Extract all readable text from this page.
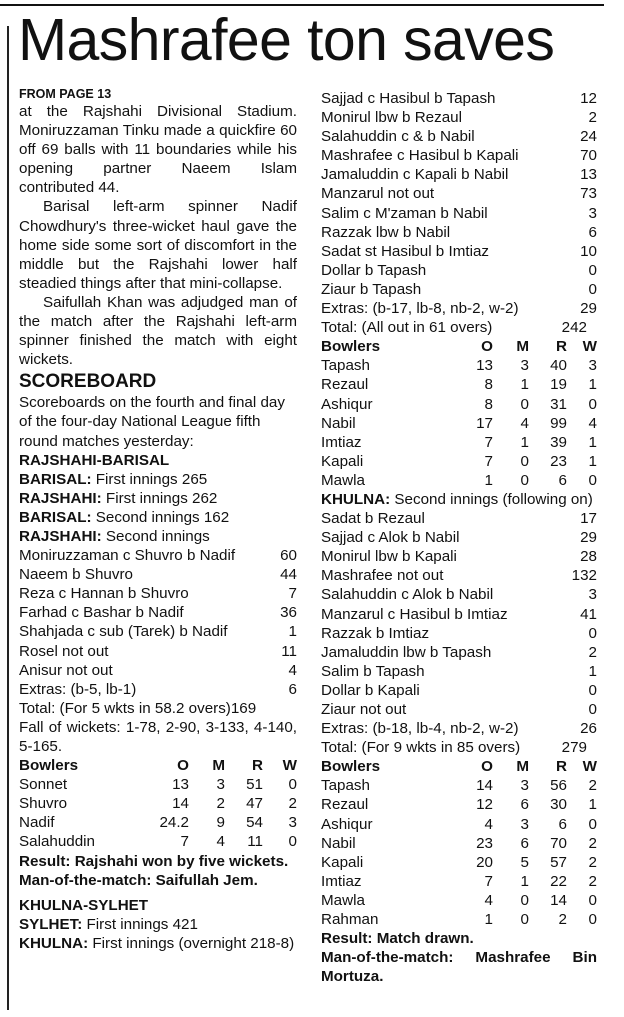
Mashrafee ton saves
FROM PAGE 13

at the Rajshahi Divisional Stadium. Moniruzzaman Tinku made a quickfire 60 off 69 balls with 11 boundaries while his opening partner Naeem Islam contributed 44.

Barisal left-arm spinner Nadif Chowdhury's three-wicket haul gave the home side some sort of discomfort in the middle but the Rajshahi lower half steadied things after that mini-collapse.

Saifullah Khan was adjudged man of the match after the Rajshahi left-arm spinner finished the match with eight wickets.

SCOREBOARD
Scoreboards on the fourth and final day of the four-day National League fifth round matches yesterday:
RAJSHAHI-BARISAL
BARISAL: First innings 265
RAJSHAHI: First innings 262
BARISAL: Second innings 162
RAJSHAHI: Second innings
Moniruzzaman c Shuvro b Nadif	60
Naeem b Shuvro	44
Reza c Hannan b Shuvro	7
Farhad c Bashar b Nadif	36
Shahjada c sub (Tarek) b Nadif	1
Rosel not out	11
Anisur not out	4
Extras: (b-5, lb-1)	6
Total: (For 5 wkts in 58.2 overs)169
Fall of wickets: 1-78, 2-90, 3-133, 4-140, 5-165.
Bowlers	O	M	R	W
Sonnet	13	3	51	0
Shuvro	14	2	47	2
Nadif	24.2	9	54	3
Salahuddin	7	4	11	0
Result: Rajshahi won by five wickets.
Man-of-the-match: Saifullah Jem.
KHULNA-SYLHET
SYLHET: First innings 421
KHULNA: First innings (overnight 218-8)
Sajjad c Hasibul b Tapash	12
Monirul lbw b Rezaul	2
Salahuddin c & b Nabil	24
Mashrafee c Hasibul b Kapali	70
Jamaluddin c Kapali b Nabil	13
Manzarul not out	73
Salim c M'zaman b Nabil	3
Razzak lbw b Nabil	6
Sadat st Hasibul b Imtiaz	10
Dollar b Tapash	0
Ziaur b Tapash	0
Extras: (b-17, lb-8, nb-2, w-2)	29
Total: (All out in 61 overs)	242
Bowlers	O	M	R	W
Tapash	13	3	40	3
Rezaul	8	1	19	1
Ashiqur	8	0	31	0
Nabil	17	4	99	4
Imtiaz	7	1	39	1
Kapali	7	0	23	1
Mawla	1	0	6	0
KHULNA: Second innings (following on)
Sadat b Rezaul	17
Sajjad c Alok b Nabil	29
Monirul lbw b Kapali	28
Mashrafee not out	132
Salahuddin c Alok b Nabil	3
Manzarul c Hasibul b Imtiaz	41
Razzak b Imtiaz	0
Jamaluddin lbw b Tapash	2
Salim b Tapash	1
Dollar b Kapali	0
Ziaur not out	0
Extras: (b-18, lb-4, nb-2, w-2)	26
Total: (For 9 wkts in 85 overs)	279
Bowlers	O	M	R	W
Tapash	14	3	56	2
Rezaul	12	6	30	1
Ashiqur	4	3	6	0
Nabil	23	6	70	2
Kapali	20	5	57	2
Imtiaz	7	1	22	2
Mawla	4	0	14	0
Rahman	1	0	2	0
Result: Match drawn.
Man-of-the-match: Mashrafee Bin Mortuza.
